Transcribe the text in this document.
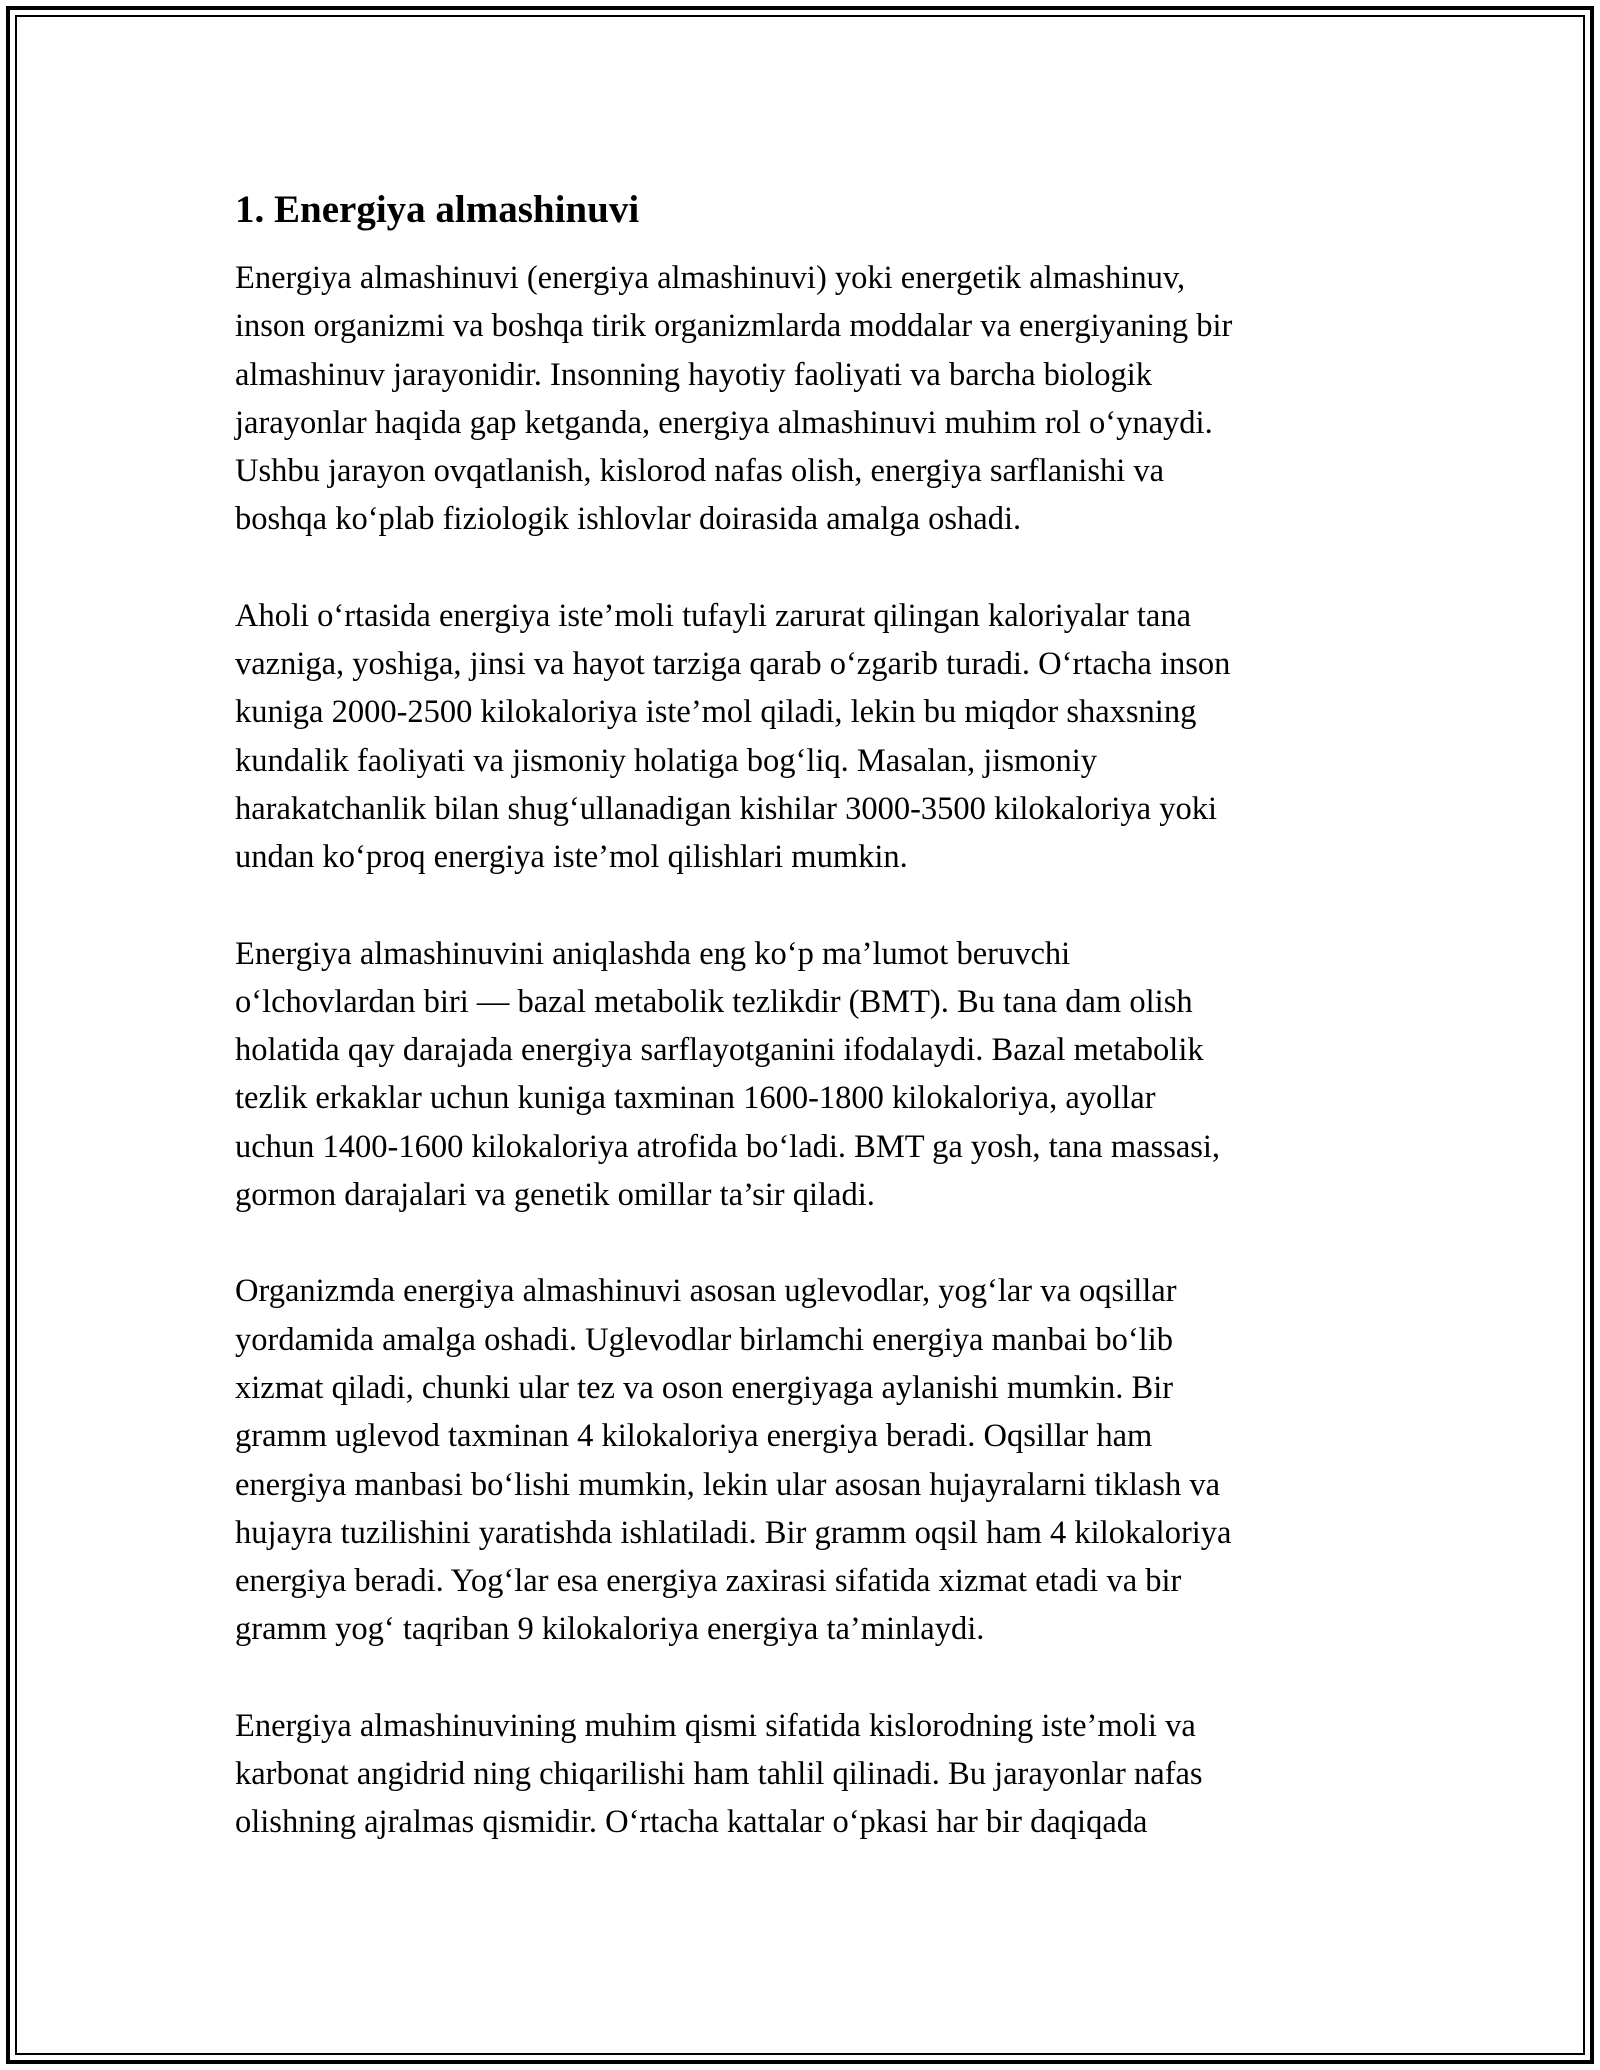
1. Energiya almashinuvi

Energiya almashinuvi (energiya almashinuvi) yoki energetik almashinuv,
inson organizmi va boshqa tirik organizmlarda moddalar va energiyaning bir
almashinuv jarayonidir. Insonning hayotiy faoliyati va barcha biologik
jarayonlar haqida gap ketganda, energiya almashinuvi muhim rol o‘ynaydi.
Ushbu jarayon ovqatlanish, kislorod nafas olish, energiya sarflanishi va
boshqa ko‘plab fiziologik ishlovlar doirasida amalga oshadi.

Aholi o‘rtasida energiya iste’moli tufayli zarurat qilingan kaloriyalar tana
vazniga, yoshiga, jinsi va hayot tarziga qarab o‘zgarib turadi. O‘rtacha inson
kuniga 2000-2500 kilokaloriya iste’mol qiladi, lekin bu miqdor shaxsning
kundalik faoliyati va jismoniy holatiga bog‘liq. Masalan, jismoniy
harakatchanlik bilan shug‘ullanadigan kishilar 3000-3500 kilokaloriya yoki
undan ko‘proq energiya iste’mol qilishlari mumkin.

Energiya almashinuvini aniqlashda eng ko‘p ma’lumot beruvchi
o‘lchovlardan biri — bazal metabolik tezlikdir (BMT). Bu tana dam olish
holatida qay darajada energiya sarflayotganini ifodalaydi. Bazal metabolik
tezlik erkaklar uchun kuniga taxminan 1600-1800 kilokaloriya, ayollar
uchun 1400-1600 kilokaloriya atrofida bo‘ladi. BMT ga yosh, tana massasi,
gormon darajalari va genetik omillar ta’sir qiladi.

Organizmda energiya almashinuvi asosan uglevodlar, yog‘lar va oqsillar
yordamida amalga oshadi. Uglevodlar birlamchi energiya manbai bo‘lib
xizmat qiladi, chunki ular tez va oson energiyaga aylanishi mumkin. Bir
gramm uglevod taxminan 4 kilokaloriya energiya beradi. Oqsillar ham
energiya manbasi bo‘lishi mumkin, lekin ular asosan hujayralarni tiklash va
hujayra tuzilishini yaratishda ishlatiladi. Bir gramm oqsil ham 4 kilokaloriya
energiya beradi. Yog‘lar esa energiya zaxirasi sifatida xizmat etadi va bir
gramm yog‘ taqriban 9 kilokaloriya energiya ta’minlaydi.

Energiya almashinuvining muhim qismi sifatida kislorodning iste’moli va
karbonat angidrid ning chiqarilishi ham tahlil qilinadi. Bu jarayonlar nafas
olishning ajralmas qismidir. O‘rtacha kattalar o‘pkasi har bir daqiqada
